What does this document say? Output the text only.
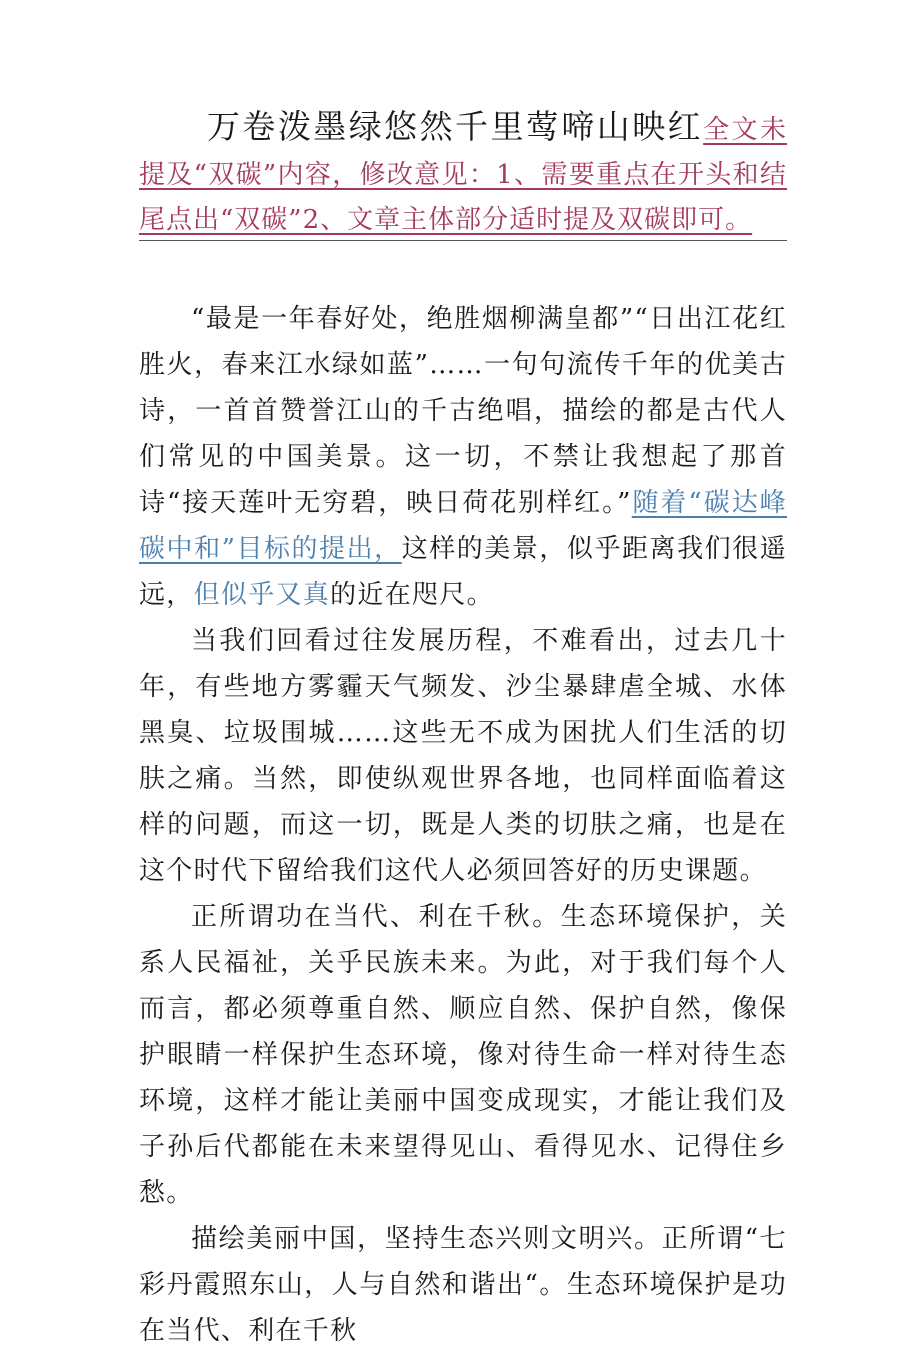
万卷泼墨绿悠然千里莺啼山映红全文未提及“双碳”内容，修改意见：1、需要重点在开头和结尾点出“双碳”2、文章主体部分适时提及双碳即可。

“最是一年春好处，绝胜烟柳满皇都”“日出江花红胜火，春来江水绿如蓝”……一句句流传千年的优美古诗，一首首赞誉江山的千古绝唱，描绘的都是古代人们常见的中国美景。这一切，不禁让我想起了那首诗“接天莲叶无穷碧，映日荷花别样红。”随着“碳达峰碳中和”目标的提出，这样的美景，似乎距离我们很遥远，但似乎又真的近在咫尺。

当我们回看过往发展历程，不难看出，过去几十年，有些地方雾霾天气频发、沙尘暴肆虐全城、水体黑臭、垃圾围城……这些无不成为困扰人们生活的切肤之痛。当然，即使纵观世界各地，也同样面临着这样的问题，而这一切，既是人类的切肤之痛，也是在这个时代下留给我们这代人必须回答好的历史课题。

正所谓功在当代、利在千秋。生态环境保护，关系人民福祉，关乎民族未来。为此，对于我们每个人而言，都必须尊重自然、顺应自然、保护自然，像保护眼睛一样保护生态环境，像对待生命一样对待生态环境，这样才能让美丽中国变成现实，才能让我们及子孙后代都能在未来望得见山、看得见水、记得住乡愁。

描绘美丽中国，坚持生态兴则文明兴。正所谓“七彩丹霞照东山，人与自然和谐出“。生态环境保护是功在当代、利在千秋
